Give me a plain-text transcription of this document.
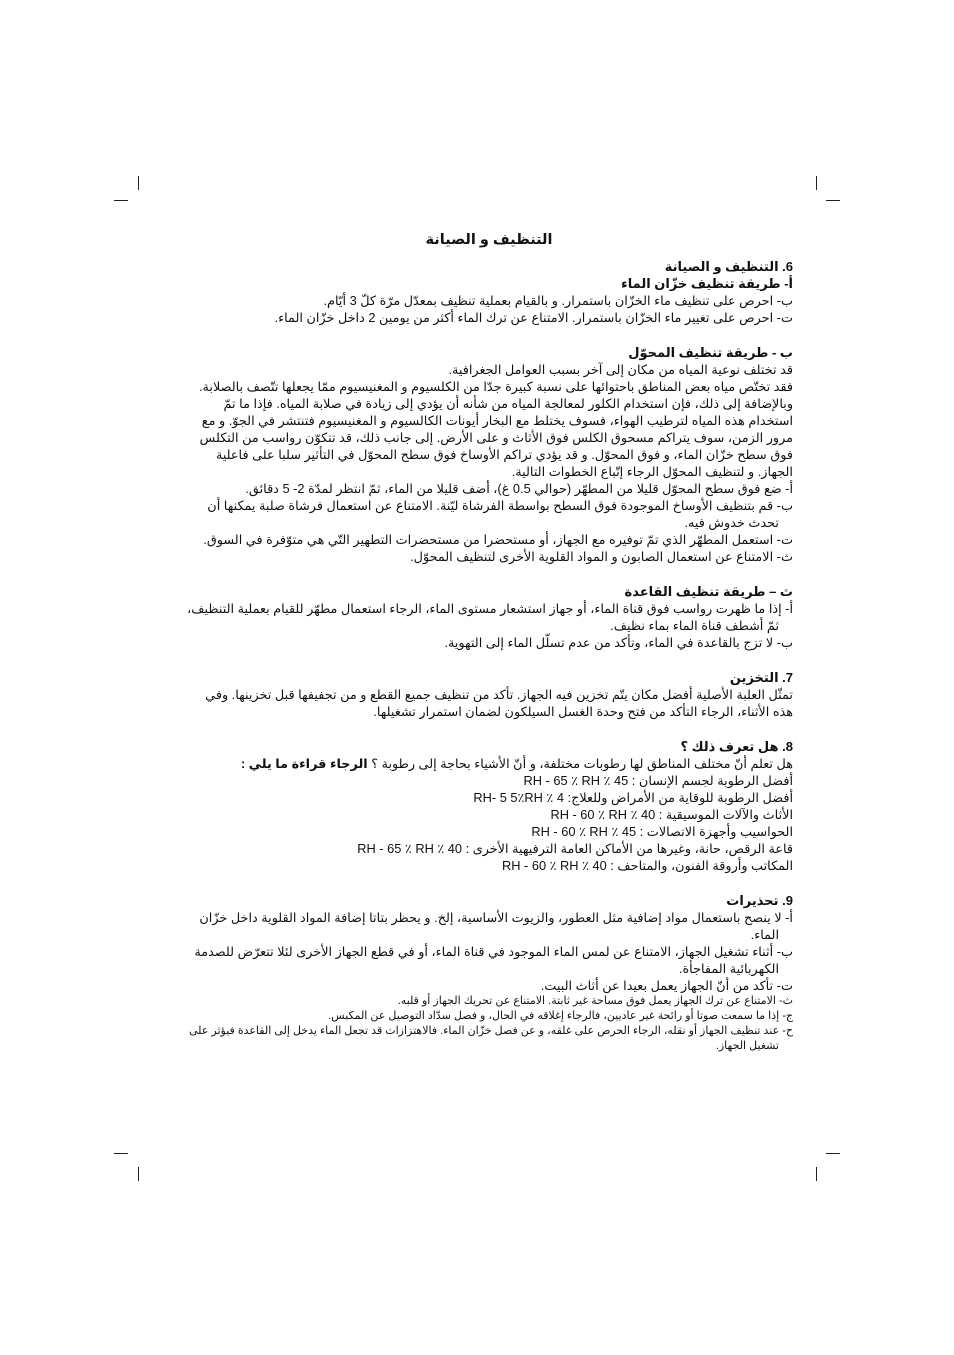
التنظيف و الصيانة

6. التنظيف و الصيانة

أ- طريقة تنظيف خزّان الماء

ب- احرص على تنظيف ماء الخزّان باستمرار. و بالقيام بعملية تنظيف بمعدّل مرّة كلّ 3 أيّام.

ت- احرص على تغيير ماء الخزّان باستمرار. الامتناع عن ترك الماء أكثر من يومين 2 داخل خزّان الماء.

ب - طريقة تنظيف المحوّل

قد تختلف نوعية المياه من مكان إلى آخر بسبب العوامل الجغرافية.

فقد تختّص مياه بعض المناطق باحتوائها على نسبة كبيرة جدّا من الكلسيوم و المغنيسيوم ممّا يجعلها تتّصف بالصلابة.

وبالإضافة إلى ذلك، فإن استخدام الكلور لمعالجة المياه من شأنه أن يؤدي إلى زيادة في صلابة المياه. فإذا ما تمّ استخدام هذه المياه لترطيب الهواء، فسوف يختلط مع البخار أيونات الكالسيوم و المغنيسيوم فتنتشر في الجوّ. و مع مرور الزمن، سوف يتراكم مسحوق الكلس فوق الأثاث و على الأرض. إلى جانب ذلك، قد تتكوّن رواسب من التكلس فوق سطح خزّان الماء، و فوق المحوّل. و قد يؤدي تراكم الأوساخ فوق سطح المحوّل في التأثير سلبا على فاعلية الجهاز. و لتنظيف المحوّل الرجاء إتّباع الخطوات التالية.

أ- ضع فوق سطح المحوّل قليلا من المطهّر (حوالي 0.5 غ)، أضف قليلا من الماء، ثمّ انتظر لمدّة 2- 5 دقائق.

ب- قم بتنظيف الأوساخ الموجودة فوق السطح بواسطة الفرشاة ليّنة. الامتناع عن استعمال فرشاة صلبة يمكنها أن تحدث خدوش فيه.

ت- استعمل المطهّر الذي تمّ توفيره مع الجهاز، أو مستحضرا من مستحضرات التطهير التّي هي متوّفرة في السوق.

ث- الامتناع عن استعمال الصابون و المواد القلوية الأخرى لتنظيف المحوّل.

ث – طريقة تنظيف القاعدة

أ- إذا ما ظهرت رواسب فوق قناة الماء، أو جهاز استشعار مستوى الماء، الرجاء استعمال مطهّر للقيام بعملية التنظيف، ثمّ أشطف قناة الماء بماء نظيف.

ب- لا تزج بالقاعدة في الماء، وتأكد من عدم تسلّل الماء إلى التهوية.

7. التخزين

تمثّل العلبة الأصلية أفضل مكان يتّم تخزين فيه الجهاز. تأكد من تنظيف جميع القطع و من تجفيفها قبل تخزينها. وفي هذه الأثناء، الرجاء التأكد من فتح وحدة الغسل السيلكون لضمان استمرار تشغيلها.

8. هل تعرف ذلك ؟

هل تعلم أنّ مختلف المناطق لها رطوبات مختلفة، و أنّ الأشياء بحاجة إلى رطوبة ؟ الرجاء قراءة ما يلي :

أفضل الرطوبة لجسم الإنسان : 45 ٪ RH - 65 ٪ RH

أفضل الرطوبة للوقاية من الأمراض وللعلاج: 4 ٪ RH- 5 5٪RH

الأثاث والآلات الموسيقية : 40 ٪ RH - 60 ٪ RH

الحواسيب وأجهزة الاتصالات : 45 ٪ RH - 60 ٪ RH

قاعة الرقص، حانة، وغيرها من الأماكن العامة الترفيهية الأخرى : 40 ٪ RH - 65 ٪ RH

المكاتب وأروقة الفنون، والمتاحف : 40 ٪ RH - 60 ٪ RH

9. تحذيرات

أ- لا ينصح باستعمال مواد إضافية مثل العطور، والزيوت الأساسية، إلخ. و يحظر بتاتا إضافة المواد القلوية داخل خزّان الماء.

ب- أثناء تشغيل الجهاز، الامتناع عن لمس الماء الموجود في قناة الماء، أو في قطع الجهاز الأخرى لئلا تتعرّض للصدمة الكهربائية المفاجأة.

ت- تأكد من أنّ الجهاز يعمل بعيدا عن أثاث البيت.

ث- الامتناع عن ترك الجهاز يعمل فوق مساحة غير ثابتة. الامتناع عن تحريك الجهاز أو قلبه.

ج- إذا ما سمعت صوتا أو رائحة غير عاديين، فالرجاء إغلاقه في الحال، و فصل سدّاد التوصيل عن المكبس.

ح- عند تنظيف الجهاز أو نقله، الرجاء الحرص على غلقه، و عن فصل خزّان الماء. فالاهتزازات قد تجعل الماء يدخل إلى القاعدة فيؤثر على تشغيل الجهاز.
